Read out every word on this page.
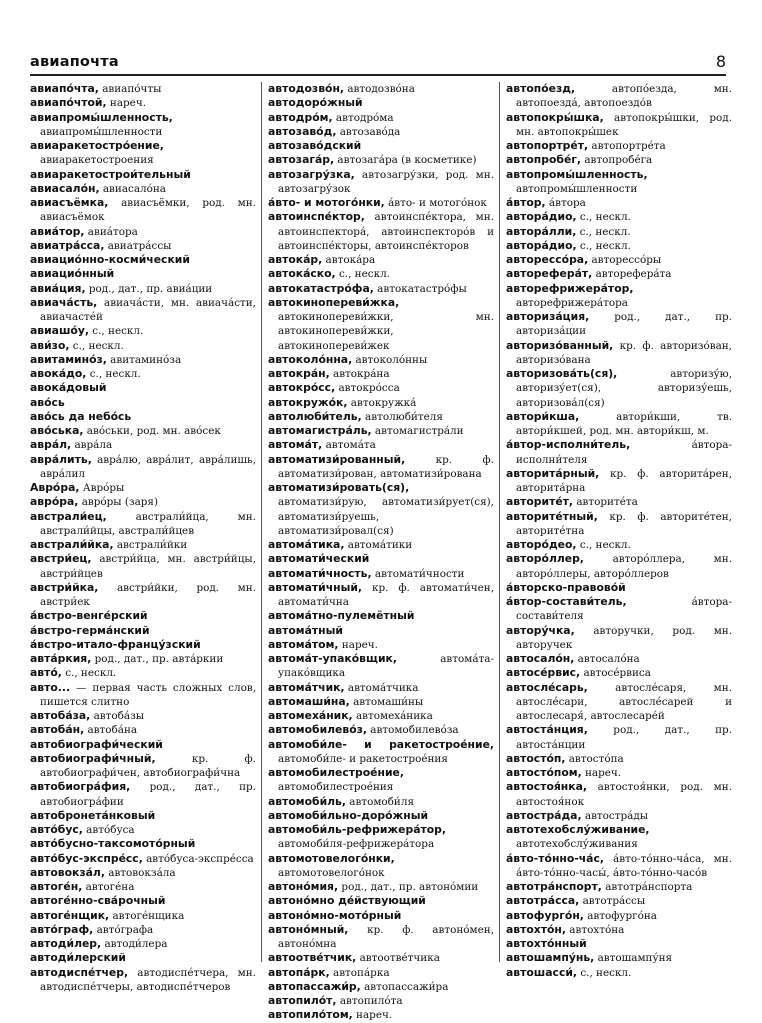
авиапочта	8

авиапо́чта, авиапо́чты

авиапо́чтой, нареч.

авиапромы́шленность, авиапромы́шленности

авиаракетостро́ение, авиаракетостроения

авиаракетострои́тельный

авиасало́н, авиасало́на

авиасъёмка, авиасъёмки, род. мн. авиасъёмок

авиа́тор, авиа́тора

авиатра́сса, авиатра́ссы

авиацио́нно-косми́ческий

авиацио́нный

авиа́ция, род., дат., пр. авиа́ции

авиача́сть, авиача́сти, мн. авиача́сти, авиачасте́й

авиашо́у, с., нескл.

ави́зо, с., нескл.

авитамино́з, авитамино́за

авока́до, с., нескл.

авока́довый

аво́сь

аво́сь да небо́сь

аво́ська, аво́ськи, род. мн. аво́сек

авра́л, авра́ла

авра́лить, авра́лю, авра́лит, авра́лишь, авра́лил

Авро́ра, Авро́ры

авро́ра, авро́ры (заря)

австрали́ец, австрали́йца, мн. австрали́йцы, австрали́йцев

австрали́йка, австрали́йки

австри́ец, австри́йца, мн. австри́йцы, австри́йцев

австри́йка, австри́йки, род. мн. австри́ек

а́встро-венге́рский

а́встро-герма́нский

а́встро-итало-францу́зский

авта́ркия, род., дат., пр. авта́ркии

авто́, с., нескл.

авто... — первая часть сложных слов, пишется слитно

автоба́за, автоба́зы

автоба́н, автоба́на

автобиографи́ческий

автобиографи́чный, кр. ф. автобиографи́чен, автобиографи́чна

автобиогра́фия, род., дат., пр. автобиогра́фии

автобронета́нковый

авто́бус, авто́буса

авто́бусно-таксомото́рный

авто́бус-экспре́сс, авто́буса-экспре́сса

автовокза́л, автовокза́ла

автоге́н, автоге́на

автоге́нно-сва́рочный

автоге́нщик, автоге́нщика

авто́граф, авто́графа

автоди́лер, автоди́лера

автоди́лерский

автодиспе́тчер, автодиспе́тчера, мн. автодиспе́тчеры, автодиспе́тчеров

автодозво́н, автодозво́на

автодоро́жный

автодро́м, автодро́ма

автозаво́д, автозаво́да

автозаво́дский

автозага́р, автозага́ра (в косметике)

автозагру́зка, автозагру́зки, род. мн. автозагру́зок

а́вто- и мотого́нки, а́вто- и мотого́нок

автоинспе́ктор, автоинспе́ктора, мн. автоинспектора́, автоинспекторо́в и автоинспе́кторы, автоинспе́кторов

автока́р, автока́ра

автока́ско, с., нескл.

автокатастро́фа, автокатастро́фы

автокинопереви́жка, автокинопереви́жки, мн. автокинопереви́жки, автокинопереви́жек

автоколо́нна, автоколо́нны

автокра́н, автокра́на

автокро́сс, автокро́сса

автокружо́к, автокружка́

автолюби́тель, автолюби́теля

автомагистра́ль, автомагистра́ли

автома́т, автома́та

автоматизи́рованный, кр. ф. автоматизи́рован, автоматизи́рована

автоматизи́ровать(ся), автоматизи́рую, автоматизи́рует(ся), автоматизи́руешь, автоматизи́ровал(ся)

автома́тика, автома́тики

автомати́ческий

автомати́чность, автомати́чности

автомати́чный, кр. ф. автомати́чен, автомати́чна

автома́тно-пулемётный

автома́тный

автома́том, нареч.

автома́т-упако́вщик, автома́та-упако́вщика

автома́тчик, автома́тчика

автомаши́на, автомаши́ны

автомеха́ник, автомеха́ника

автомобилево́з, автомобилево́за

автомоби́ле- и ракетострое́ние, автомоби́ле- и ракетострое́ния

автомобилестрое́ние, автомобилестрое́ния

автомоби́ль, автомоби́ля

автомоби́льно-доро́жный

автомоби́ль-рефрижера́тор, автомоби́ля-рефрижера́тора

автомотовелого́нки, автомотовелого́нок

автоно́мия, род., дат., пр. автоно́мии

автоно́мно де́йствующий

автоно́мно-мото́рный

автоно́мный, кр. ф. автоно́мен, автоно́мна

автоотве́тчик, автоотве́тчика

автопа́рк, автопа́рка

автопассажи́р, автопассажи́ра

автопило́т, автопило́та

автопило́том, нареч.

автопо́езд, автопо́езда, мн. автопоезда́, автопоездо́в

автопокры́шка, автопокры́шки, род. мн. автопокры́шек

автопортре́т, автопортре́та

автопробе́г, автопробе́га

автопромы́шленность, автопромы́шленности

а́втор, а́втора

автора́дио, с., нескл.

автора́лли, с., нескл.

автора́дио, с., нескл.

авторессо́ра, авторессо́ры

авторефера́т, авторефера́та

авторефрижера́тор, авторефрижера́тора

авториза́ция, род., дат., пр. авториза́ции

авторизо́ванный, кр. ф. авторизо́ван, авторизо́вана

авторизова́ть(ся), авторизу́ю, авторизу́ет(ся), авторизу́ешь, авторизова́л(ся)

автори́кша, автори́кши, тв. автори́кшей, род. мн. автори́кш, м.

а́втор-исполни́тель, а́втора-исполни́теля

авторита́рный, кр. ф. авторита́рен, авторита́рна

авторите́т, авторите́та

авторите́тный, кр. ф. авторите́тен, авторите́тна

авторо́део, с., нескл.

авторо́ллер, авторо́ллера, мн. авторо́ллеры, авторо́ллеров

а́вторско-правово́й

а́втор-состави́тель, а́втора-состави́теля

автору́чка, авторучки, род. мн. авторучек

автосало́н, автосало́на

автосе́рвис, автосе́рвиса

автосле́сарь, автосле́саря, мн. автосле́сари, автосле́сарей и автослесаря́, автослесаре́й

автоста́нция, род., дат., пр. автоста́нции

автосто́п, автосто́па

автосто́пом, нареч.

автостоя́нка, автостоя́нки, род. мн. автостоя́нок

автостра́да, автостра́ды

автотехобслу́живание, автотехобслу́живания

а́вто-то́нно-ча́с, а́вто-то́нно-ча́са, мн. а́вто-то́нно-часы́, а́вто-то́нно-часо́в

автотра́нспорт, автотра́нспорта

автотра́сса, автотра́ссы

автофурго́н, автофурго́на

автохто́н, автохто́на

автохто́нный

автошампу́нь, автошампу́ня

автошасси́, с., нескл.
